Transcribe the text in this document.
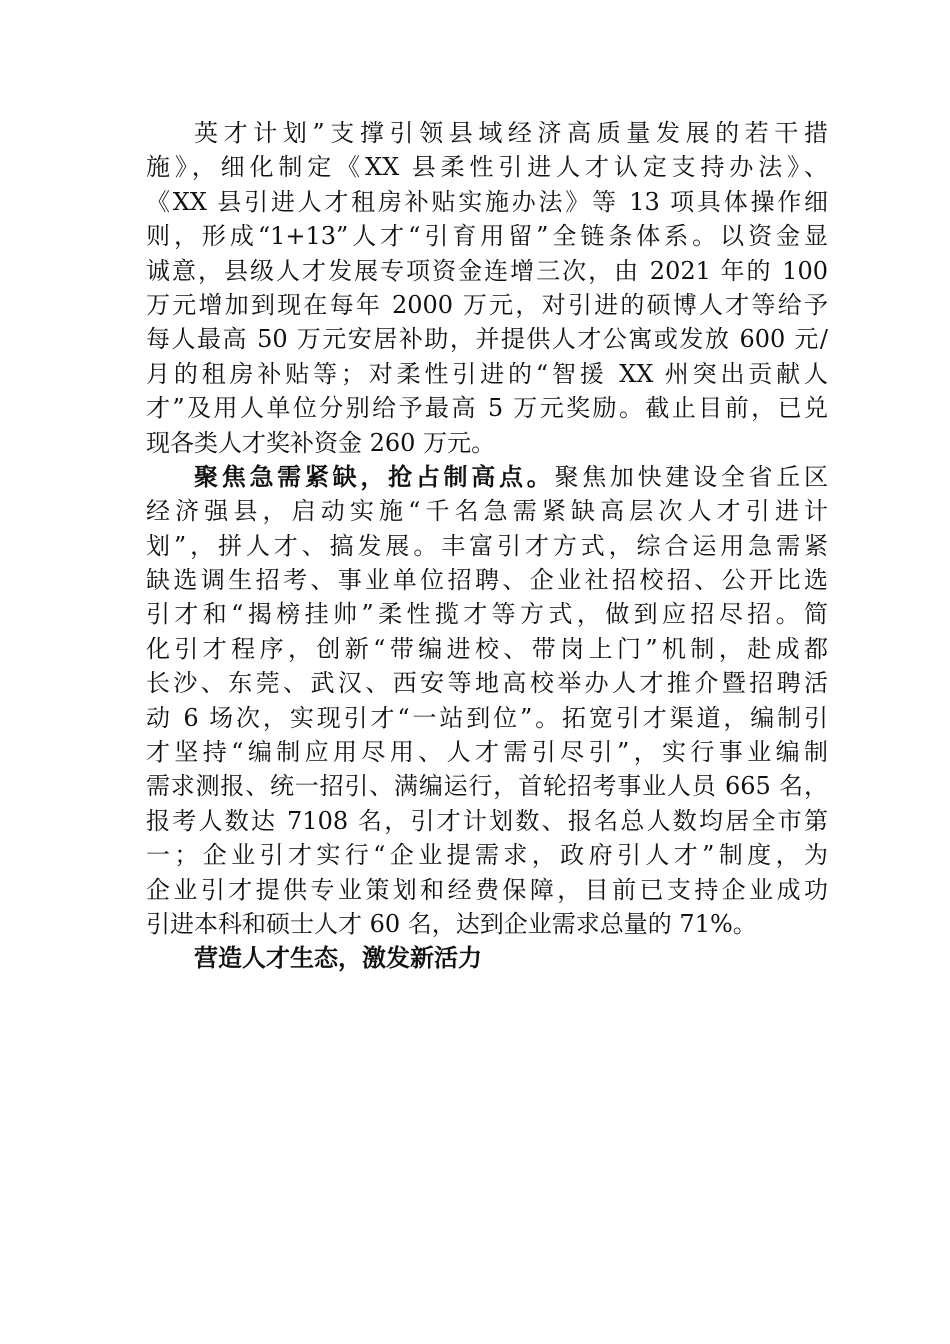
英才计划”支撑引领县域经济高质量发展的若干措
施》，细化制定《XX 县柔性引进人才认定支持办法》、
《XX 县引进人才租房补贴实施办法》等 13 项具体操作细
则，形成“1+13”人才“引育用留”全链条体系。以资金显
诚意，县级人才发展专项资金连增三次，由 2021 年的 100
万元增加到现在每年 2000 万元，对引进的硕博人才等给予
每人最高 50 万元安居补助，并提供人才公寓或发放 600 元/
月的租房补贴等；对柔性引进的“智援 XX 州突出贡献人
才”及用人单位分别给予最高 5 万元奖励。截止目前，已兑
现各类人才奖补资金 260 万元。
聚焦急需紧缺，抢占制高点。聚焦加快建设全省丘区
经济强县，启动实施“千名急需紧缺高层次人才引进计
划”，拼人才、搞发展。丰富引才方式，综合运用急需紧
缺选调生招考、事业单位招聘、企业社招校招、公开比选
引才和“揭榜挂帅”柔性揽才等方式，做到应招尽招。简
化引才程序，创新“带编进校、带岗上门”机制，赴成都
长沙、东莞、武汉、西安等地高校举办人才推介暨招聘活
动 6 场次，实现引才“一站到位”。拓宽引才渠道，编制引
才坚持“编制应用尽用、人才需引尽引”，实行事业编制
需求测报、统一招引、满编运行，首轮招考事业人员 665 名，
报考人数达 7108 名，引才计划数、报名总人数均居全市第
一；企业引才实行“企业提需求，政府引人才”制度，为
企业引才提供专业策划和经费保障，目前已支持企业成功
引进本科和硕士人才 60 名，达到企业需求总量的 71%。
营造人才生态，激发新活力
